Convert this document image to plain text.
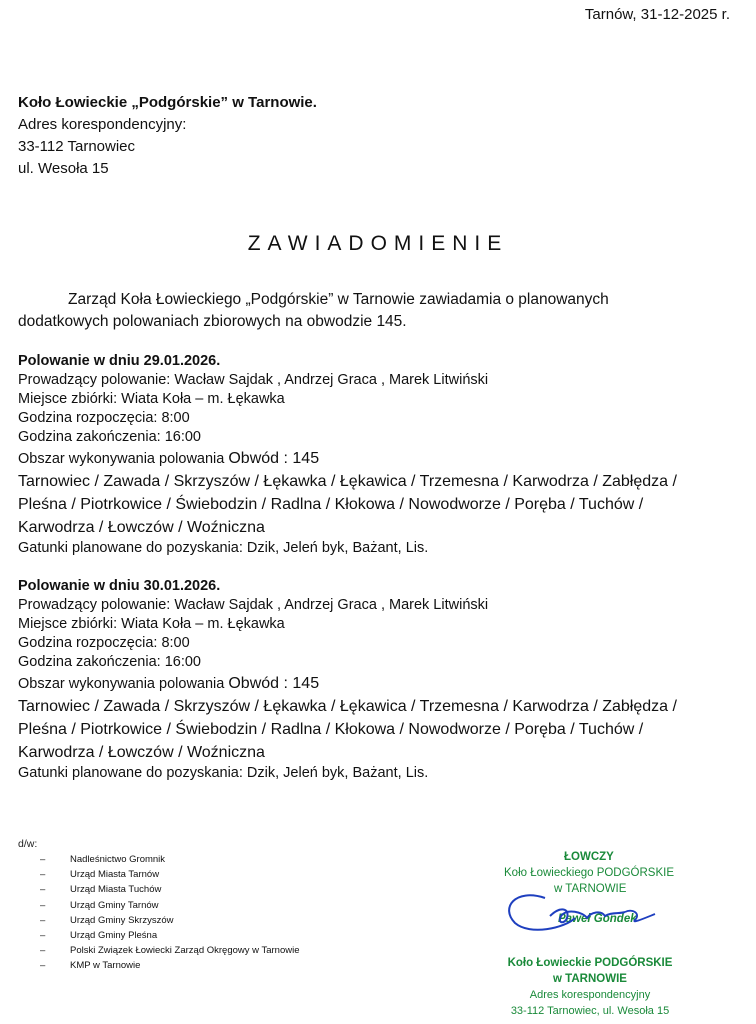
Tarnów, 31-12-2025 r.
Koło Łowieckie „Podgórskie” w Tarnowie.
Adres korespondencyjny:
33-112 Tarnowiec
ul. Wesoła 15
ZAWIADOMIENIE
Zarząd Koła Łowieckiego „Podgórskie” w Tarnowie zawiadamia o planowanych
dodatkowych polowaniach zbiorowych na obwodzie 145.
Polowanie w dniu 29.01.2026.
Prowadzący polowanie: Wacław Sajdak , Andrzej Graca , Marek Litwiński
Miejsce zbiórki: Wiata Koła – m. Łękawka
Godzina rozpoczęcia: 8:00
Godzina zakończenia: 16:00
Obszar wykonywania polowania Obwód : 145
Tarnowiec / Zawada / Skrzyszów / Łękawka / Łękawica / Trzemesna / Karwodrza / Zabłędza /
Pleśna / Piotrkowice / Świebodzin / Radlna / Kłokowa / Nowodworze / Poręba / Tuchów /
Karwodrza / Łowczów / Woźniczna
Gatunki planowane do pozyskania: Dzik, Jeleń byk, Bażant, Lis.
Polowanie w dniu 30.01.2026.
Prowadzący polowanie: Wacław Sajdak , Andrzej Graca , Marek Litwiński
Miejsce zbiórki: Wiata Koła – m. Łękawka
Godzina rozpoczęcia: 8:00
Godzina zakończenia: 16:00
Obszar wykonywania polowania Obwód : 145
Tarnowiec / Zawada / Skrzyszów / Łękawka / Łękawica / Trzemesna / Karwodrza / Zabłędza /
Pleśna / Piotrkowice / Świebodzin / Radlna / Kłokowa / Nowodworze / Poręba / Tuchów /
Karwodrza / Łowczów / Woźniczna
Gatunki planowane do pozyskania: Dzik, Jeleń byk, Bażant, Lis.
d/w:
–	Nadleśnictwo Gromnik
–	Urząd Miasta Tarnów
–	Urząd Miasta Tuchów
–	Urząd Gminy Tarnów
–	Urząd Gminy Skrzyszów
–	Urząd Gminy Pleśna
–	Polski Związek Łowiecki Zarząd Okręgowy w Tarnowie
–	KMP w Tarnowie
ŁOWCZY
Koło Łowieckiego PODGÓRSKIE
w TARNOWIE
Paweł Gondek
Koło Łowieckie PODGÓRSKIE
w TARNOWIE
Adres korespondencyjny
33-112 Tarnowiec, ul. Wesoła 15
